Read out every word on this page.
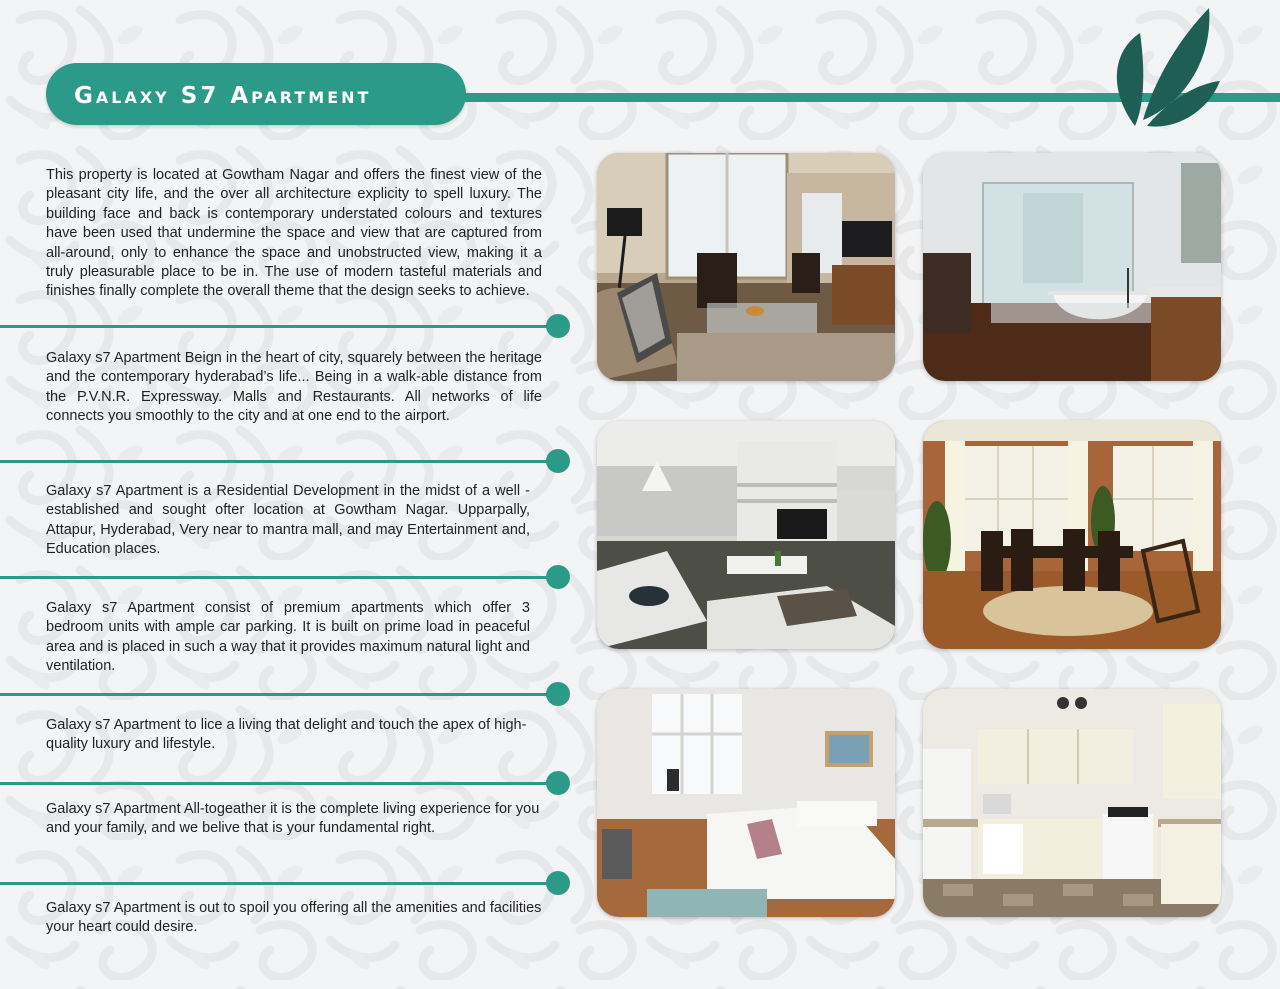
Galaxy S7 Apartment

This property is located at Gowtham Nagar and offers the finest view of the pleasant city life, and the over all architecture explicity to spell luxury. The building face and back is contemporary understated colours and textures have been used that undermine the space and view that are captured from all-around, only to enhance the space and unobstructed view, making it a truly pleasurable place to be in. The use of modern tasteful materials and finishes finally complete the overall theme that the design seeks to achieve.

Galaxy s7 Apartment Beign in the heart of city, squarely between the heritage and the contemporary hyderabad’s life... Being in a walk-able distance from the P.V.N.R. Expressway. Malls and Restaurants. All networks of life connects you smoothly to the city and at one end to the airport.

Galaxy s7 Apartment is a Residential Development in the midst of a well - established and sought ofter location at Gowtham Nagar. Upparpally, Attapur, Hyderabad, Very near to mantra mall, and may Entertainment and, Education places.

Galaxy s7 Apartment consist of premium apartments which offer 3 bedroom units with ample car parking. It is built on prime load in peaceful area and is placed in such a way that it provides maximum natural light and ventilation.

Galaxy s7 Apartment to lice a living that delight and touch the apex of high-quality luxury and lifestyle.

Galaxy s7 Apartment All-togeather it is the complete living experience for you and your family, and we belive that is your fundamental right.

Galaxy s7 Apartment is out to spoil you offering all the amenities and facilities your heart could desire.
